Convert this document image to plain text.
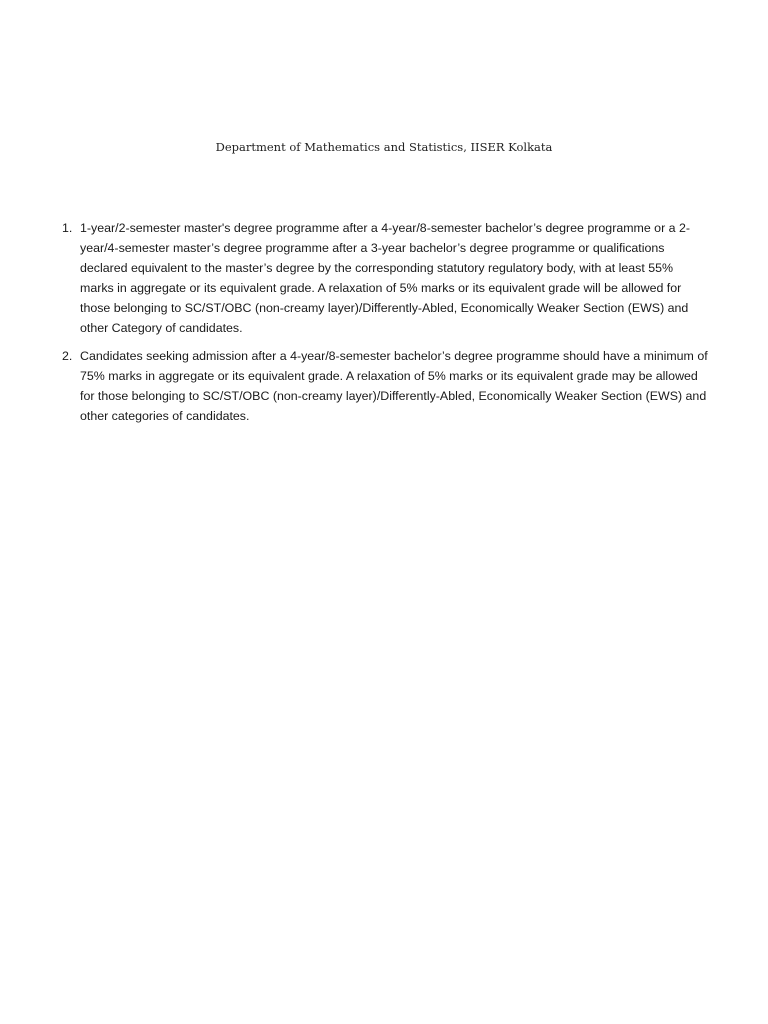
Department of Mathematics and Statistics, IISER Kolkata

1. 1-year/2-semester master's degree programme after a 4-year/8-semester bachelor’s degree programme or a 2-year/4-semester master’s degree programme after a 3-year bachelor’s degree programme or qualifications declared equivalent to the master’s degree by the corresponding statutory regulatory body, with at least 55% marks in aggregate or its equivalent grade. A relaxation of 5% marks or its equivalent grade will be allowed for those belonging to SC/ST/OBC (non-creamy layer)/Differently-Abled, Economically Weaker Section (EWS) and other Category of candidates.
2. Candidates seeking admission after a 4-year/8-semester bachelor’s degree programme should have a minimum of 75% marks in aggregate or its equivalent grade. A relaxation of 5% marks or its equivalent grade may be allowed for those belonging to SC/ST/OBC (non-creamy layer)/Differently-Abled, Economically Weaker Section (EWS) and other categories of candidates.
